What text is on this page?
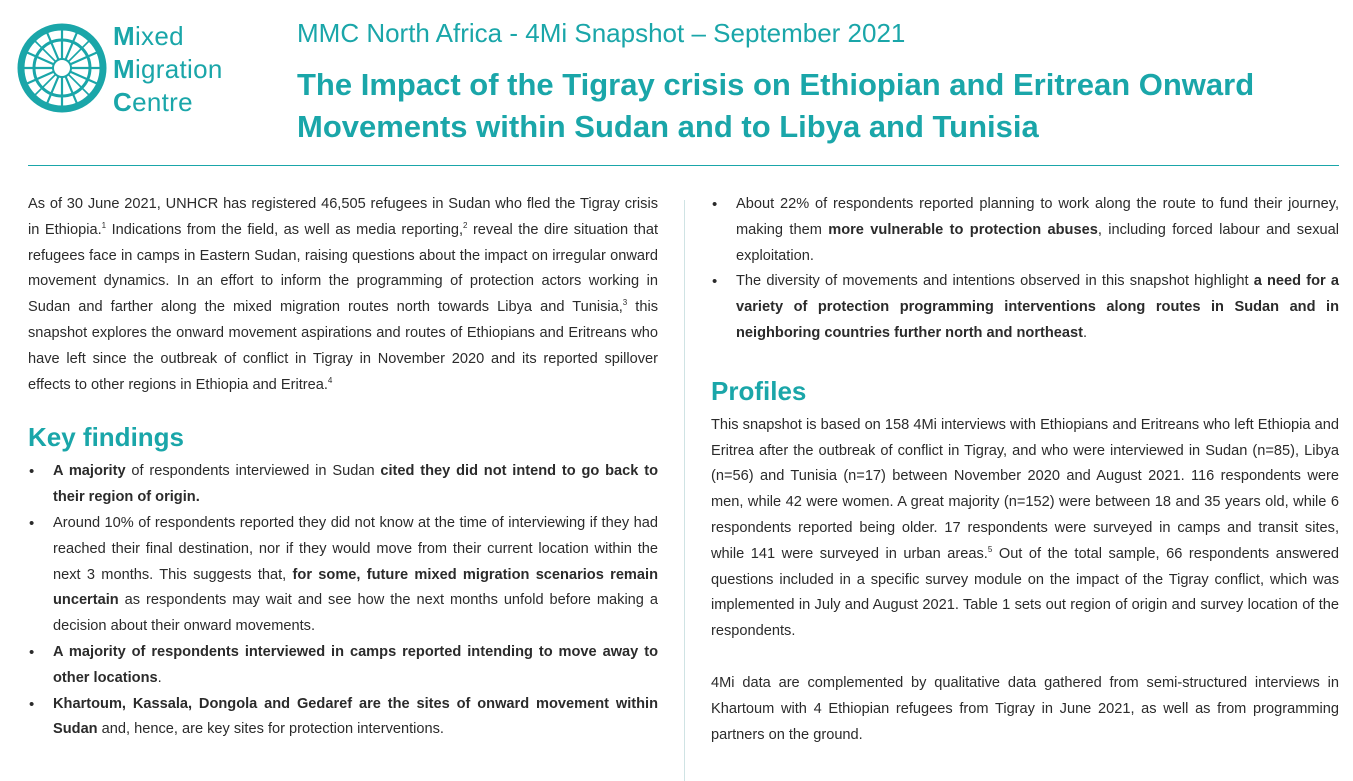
Mixed
Migration
Centre
MMC North Africa - 4Mi Snapshot – September 2021
The Impact of the Tigray crisis on Ethiopian and Eritrean Onward Movements within Sudan and to Libya and Tunisia

As of 30 June 2021, UNHCR has registered 46,505 refugees in Sudan who fled the Tigray crisis in Ethiopia.$^1$ Indications from the field, as well as media reporting,$^2$ reveal the dire situation that refugees face in camps in Eastern Sudan, raising questions about the impact on irregular onward movement dynamics. In an effort to inform the programming of protection actors working in Sudan and farther along the mixed migration routes north towards Libya and Tunisia,$^3$ this snapshot explores the onward movement aspirations and routes of Ethiopians and Eritreans who have left since the outbreak of conflict in Tigray in November 2020 and its reported spillover effects to other regions in Ethiopia and Eritrea.$^4$

Key findings
• A majority of respondents interviewed in Sudan cited they did not intend to go back to their region of origin.
• Around 10% of respondents reported they did not know at the time of interviewing if they had reached their final destination, nor if they would move from their current location within the next 3 months. This suggests that, for some, future mixed migration scenarios remain uncertain as respondents may wait and see how the next months unfold before making a decision about their onward movements.
• A majority of respondents interviewed in camps reported intending to move away to other locations.
• Khartoum, Kassala, Dongola and Gedaref are the sites of onward movement within Sudan and, hence, are key sites for protection interventions.
• About 22% of respondents reported planning to work along the route to fund their journey, making them more vulnerable to protection abuses, including forced labour and sexual exploitation.
• The diversity of movements and intentions observed in this snapshot highlight a need for a variety of protection programming interventions along routes in Sudan and in neighboring countries further north and northeast.
Profiles

This snapshot is based on 158 4Mi interviews with Ethiopians and Eritreans who left Ethiopia and Eritrea after the outbreak of conflict in Tigray, and who were interviewed in Sudan (n=85), Libya (n=56) and Tunisia (n=17) between November 2020 and August 2021. 116 respondents were men, while 42 were women. A great majority (n=152) were between 18 and 35 years old, while 6 respondents reported being older. 17 respondents were surveyed in camps and transit sites, while 141 were surveyed in urban areas.$^5$ Out of the total sample, 66 respondents answered questions included in a specific survey module on the impact of the Tigray conflict, which was implemented in July and August 2021. Table 1 sets out region of origin and survey location of the respondents.

4Mi data are complemented by qualitative data gathered from semi-structured interviews in Khartoum with 4 Ethiopian refugees from Tigray in June 2021, as well as from programming partners on the ground.
